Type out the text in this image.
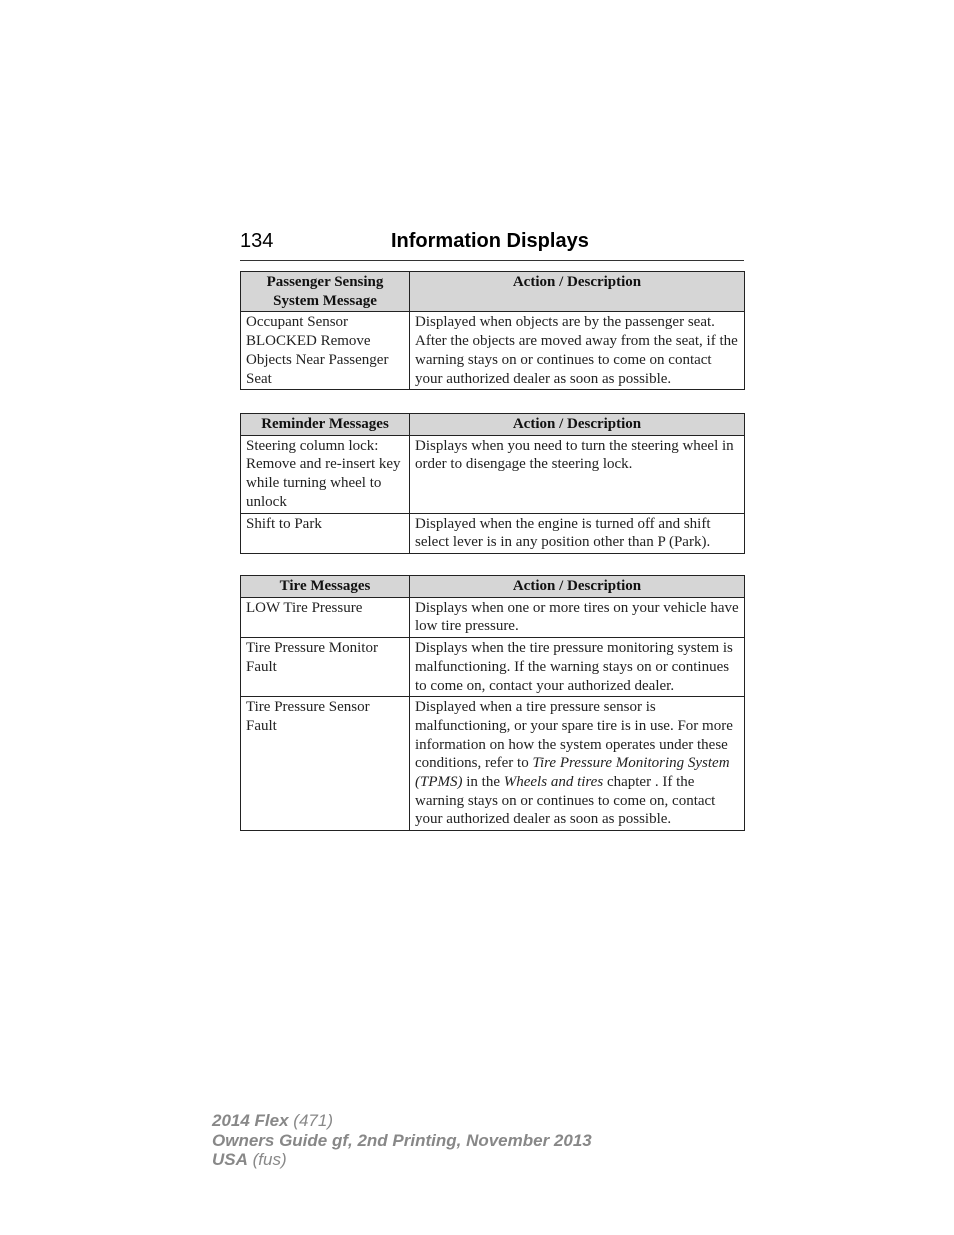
134	Information Displays
Passenger Sensing System Message	Action / Description
Occupant Sensor BLOCKED Remove Objects Near Passenger Seat	Displayed when objects are by the passenger seat. After the objects are moved away from the seat, if the warning stays on or continues to come on contact your authorized dealer as soon as possible.
Reminder Messages	Action / Description
Steering column lock: Remove and re-insert key while turning wheel to unlock	Displays when you need to turn the steering wheel in order to disengage the steering lock.
Shift to Park	Displayed when the engine is turned off and shift select lever is in any position other than P (Park).
Tire Messages	Action / Description
LOW Tire Pressure	Displays when one or more tires on your vehicle have low tire pressure.
Tire Pressure Monitor Fault	Displays when the tire pressure monitoring system is malfunctioning. If the warning stays on or continues to come on, contact your authorized dealer.
Tire Pressure Sensor Fault	Displayed when a tire pressure sensor is malfunctioning, or your spare tire is in use. For more information on how the system operates under these conditions, refer to Tire Pressure Monitoring System (TPMS) in the Wheels and tires chapter . If the warning stays on or continues to come on, contact your authorized dealer as soon as possible.
2014 Flex (471)
Owners Guide gf, 2nd Printing, November 2013
USA (fus)
